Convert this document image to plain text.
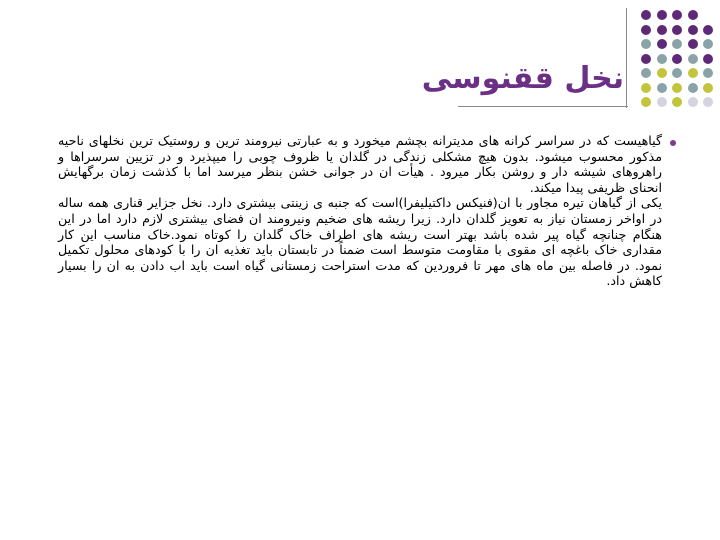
نخل ققنوسی

گیاهیست که در سراسر کرانه های مدیترانه بچشم میخورد و به عبارتی نیرومند ترین و روستیک ترین نخلهای ناحیه مذکور محسوب میشود. بدون هیچ مشکلی زندگی در گلدان یا ظروف چوبی را میپذیرد و در تزیین سرسراها و راهروهای شیشه دار و روشن بکار میرود . هیأت ان در جوانی خشن بنظر میرسد اما با کذشت زمان برگهایش انحنای ظریفی پیدا میکند.

یکی از گیاهان تیره مجاور با ان(فنیکس داکتیلیفرا)است که جنبه ی زینتی بیشتری دارد. نخل جزایر قناری همه ساله در اواخر زمستان نیاز به تعویز گلدان دارد. زیرا ریشه های ضخیم ونیرومند ان فضای بیشتری لازم دارد اما در این هنگام چنانچه گیاه پیر شده باشد بهتر است ریشه های اطراف خاک گلدان را کوتاه نمود.خاک مناسب این کار مقداری خاک باغچه ای مقوی با مقاومت متوسط است ضمناً در تابستان باید تغذیه ان را با کودهای محلول تکمیل نمود. در فاصله بین ماه های مهر تا فروردین که مدت استراحت زمستانی گیاه است باید اب دادن به ان را بسیار کاهش داد.
